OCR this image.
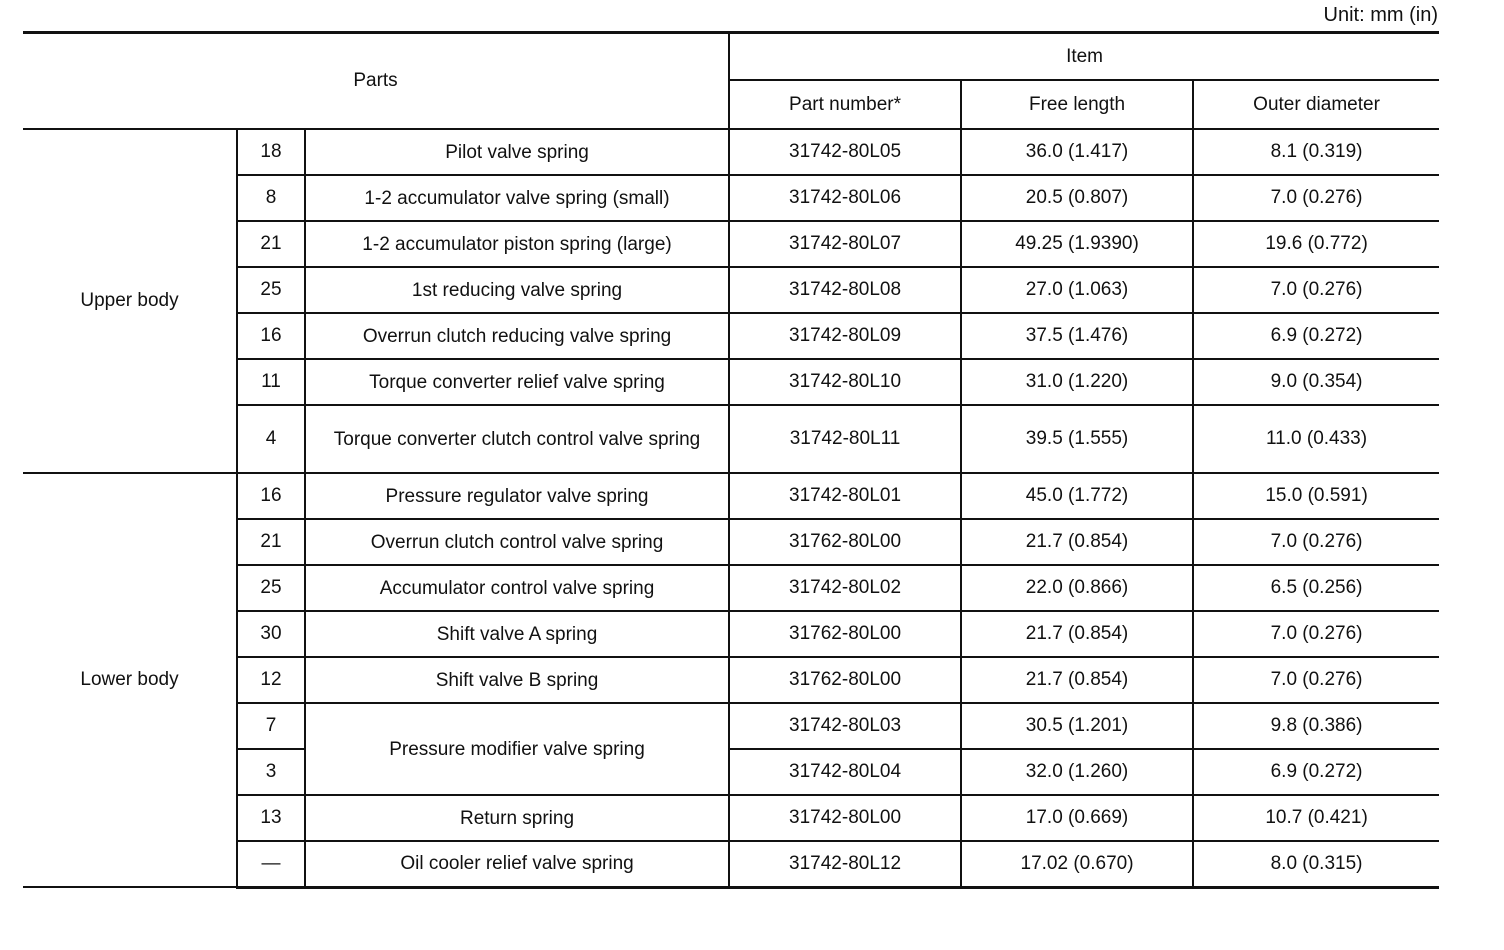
Unit: mm (in)
Parts			Item		
			Part number*	Free length	Outer diameter
Upper body	18	Pilot valve spring	31742-80L05	36.0 (1.417)	8.1 (0.319)
	8	1-2 accumulator valve spring (small)	31742-80L06	20.5 (0.807)	7.0 (0.276)
	21	1-2 accumulator piston spring (large)	31742-80L07	49.25 (1.9390)	19.6 (0.772)
	25	1st reducing valve spring	31742-80L08	27.0 (1.063)	7.0 (0.276)
	16	Overrun clutch reducing valve spring	31742-80L09	37.5 (1.476)	6.9 (0.272)
	11	Torque converter relief valve spring	31742-80L10	31.0 (1.220)	9.0 (0.354)
	4	Torque converter clutch control valve spring	31742-80L11	39.5 (1.555)	11.0 (0.433)
Lower body	16	Pressure regulator valve spring	31742-80L01	45.0 (1.772)	15.0 (0.591)
	21	Overrun clutch control valve spring	31762-80L00	21.7 (0.854)	7.0 (0.276)
	25	Accumulator control valve spring	31742-80L02	22.0 (0.866)	6.5 (0.256)
	30	Shift valve A spring	31762-80L00	21.7 (0.854)	7.0 (0.276)
	12	Shift valve B spring	31762-80L00	21.7 (0.854)	7.0 (0.276)
	7	Pressure modifier valve spring	31742-80L03	30.5 (1.201)	9.8 (0.386)
	3		31742-80L04	32.0 (1.260)	6.9 (0.272)
	13	Return spring	31742-80L00	17.0 (0.669)	10.7 (0.421)
	—	Oil cooler relief valve spring	31742-80L12	17.02 (0.670)	8.0 (0.315)
